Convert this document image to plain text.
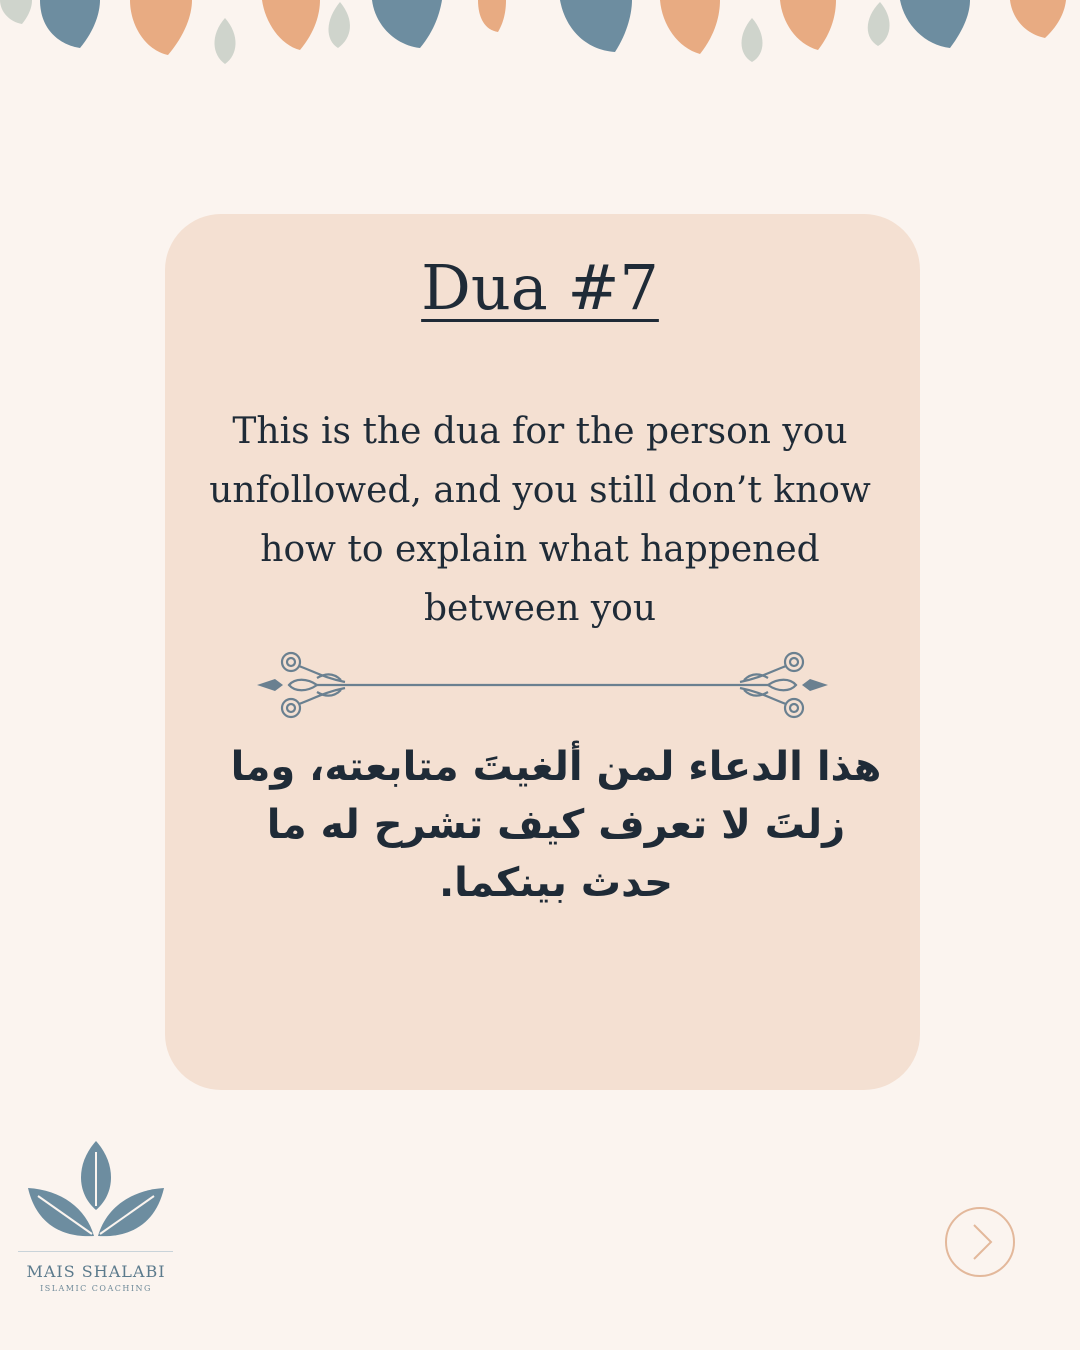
Dua #7

This is the dua for the person you unfollowed, and you still don’t know how to explain what happened between you

هذا الدعاء لمن ألغيتَ متابعته، وما زلتَ لا تعرف كيف تشرح له ما حدث بينكما.

MAIS SHALABI

ISLAMIC COACHING
